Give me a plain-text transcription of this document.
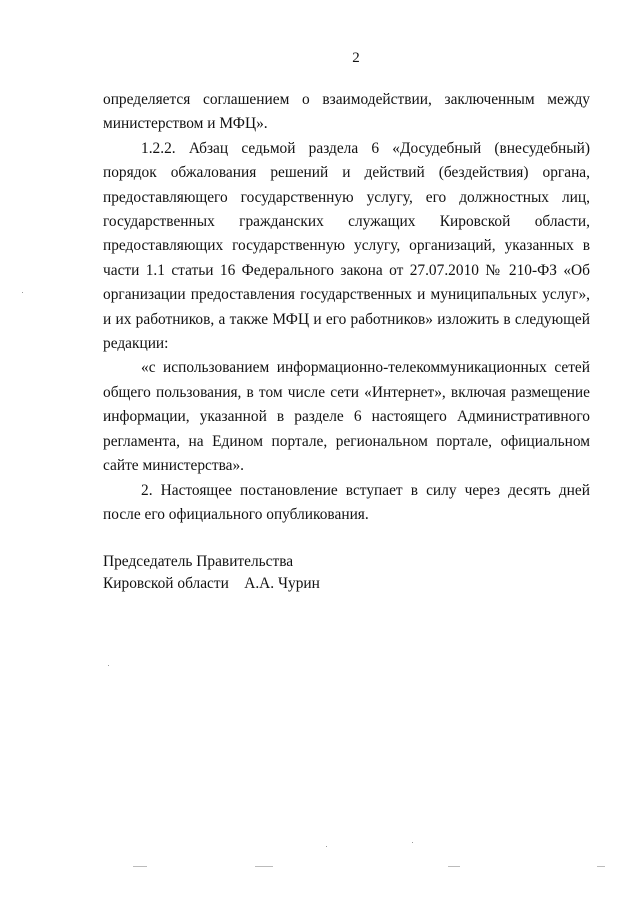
2

определяется соглашением о взаимодействии, заключенным между министерством и МФЦ».

1.2.2. Абзац седьмой раздела 6 «Досудебный (внесудебный) порядок обжалования решений и действий (бездействия) органа, предоставляющего государственную услугу, его должностных лиц, государственных гражданских служащих Кировской области, предоставляющих государственную услугу, организаций, указанных в части 1.1 статьи 16 Федерального закона от 27.07.2010 № 210-ФЗ «Об организации предоставления государственных и муниципальных услуг», и их работников, а также МФЦ и его работников» изложить в следующей редакции:

«с использованием информационно-телекоммуникационных сетей общего пользования, в том числе сети «Интернет», включая размещение информации, указанной в разделе 6 настоящего Административного регламента, на Едином портале, региональном портале, официальном сайте министерства».

2. Настоящее постановление вступает в силу через десять дней после его официального опубликования.

Председатель Правительства
Кировской области А.А. Чурин
